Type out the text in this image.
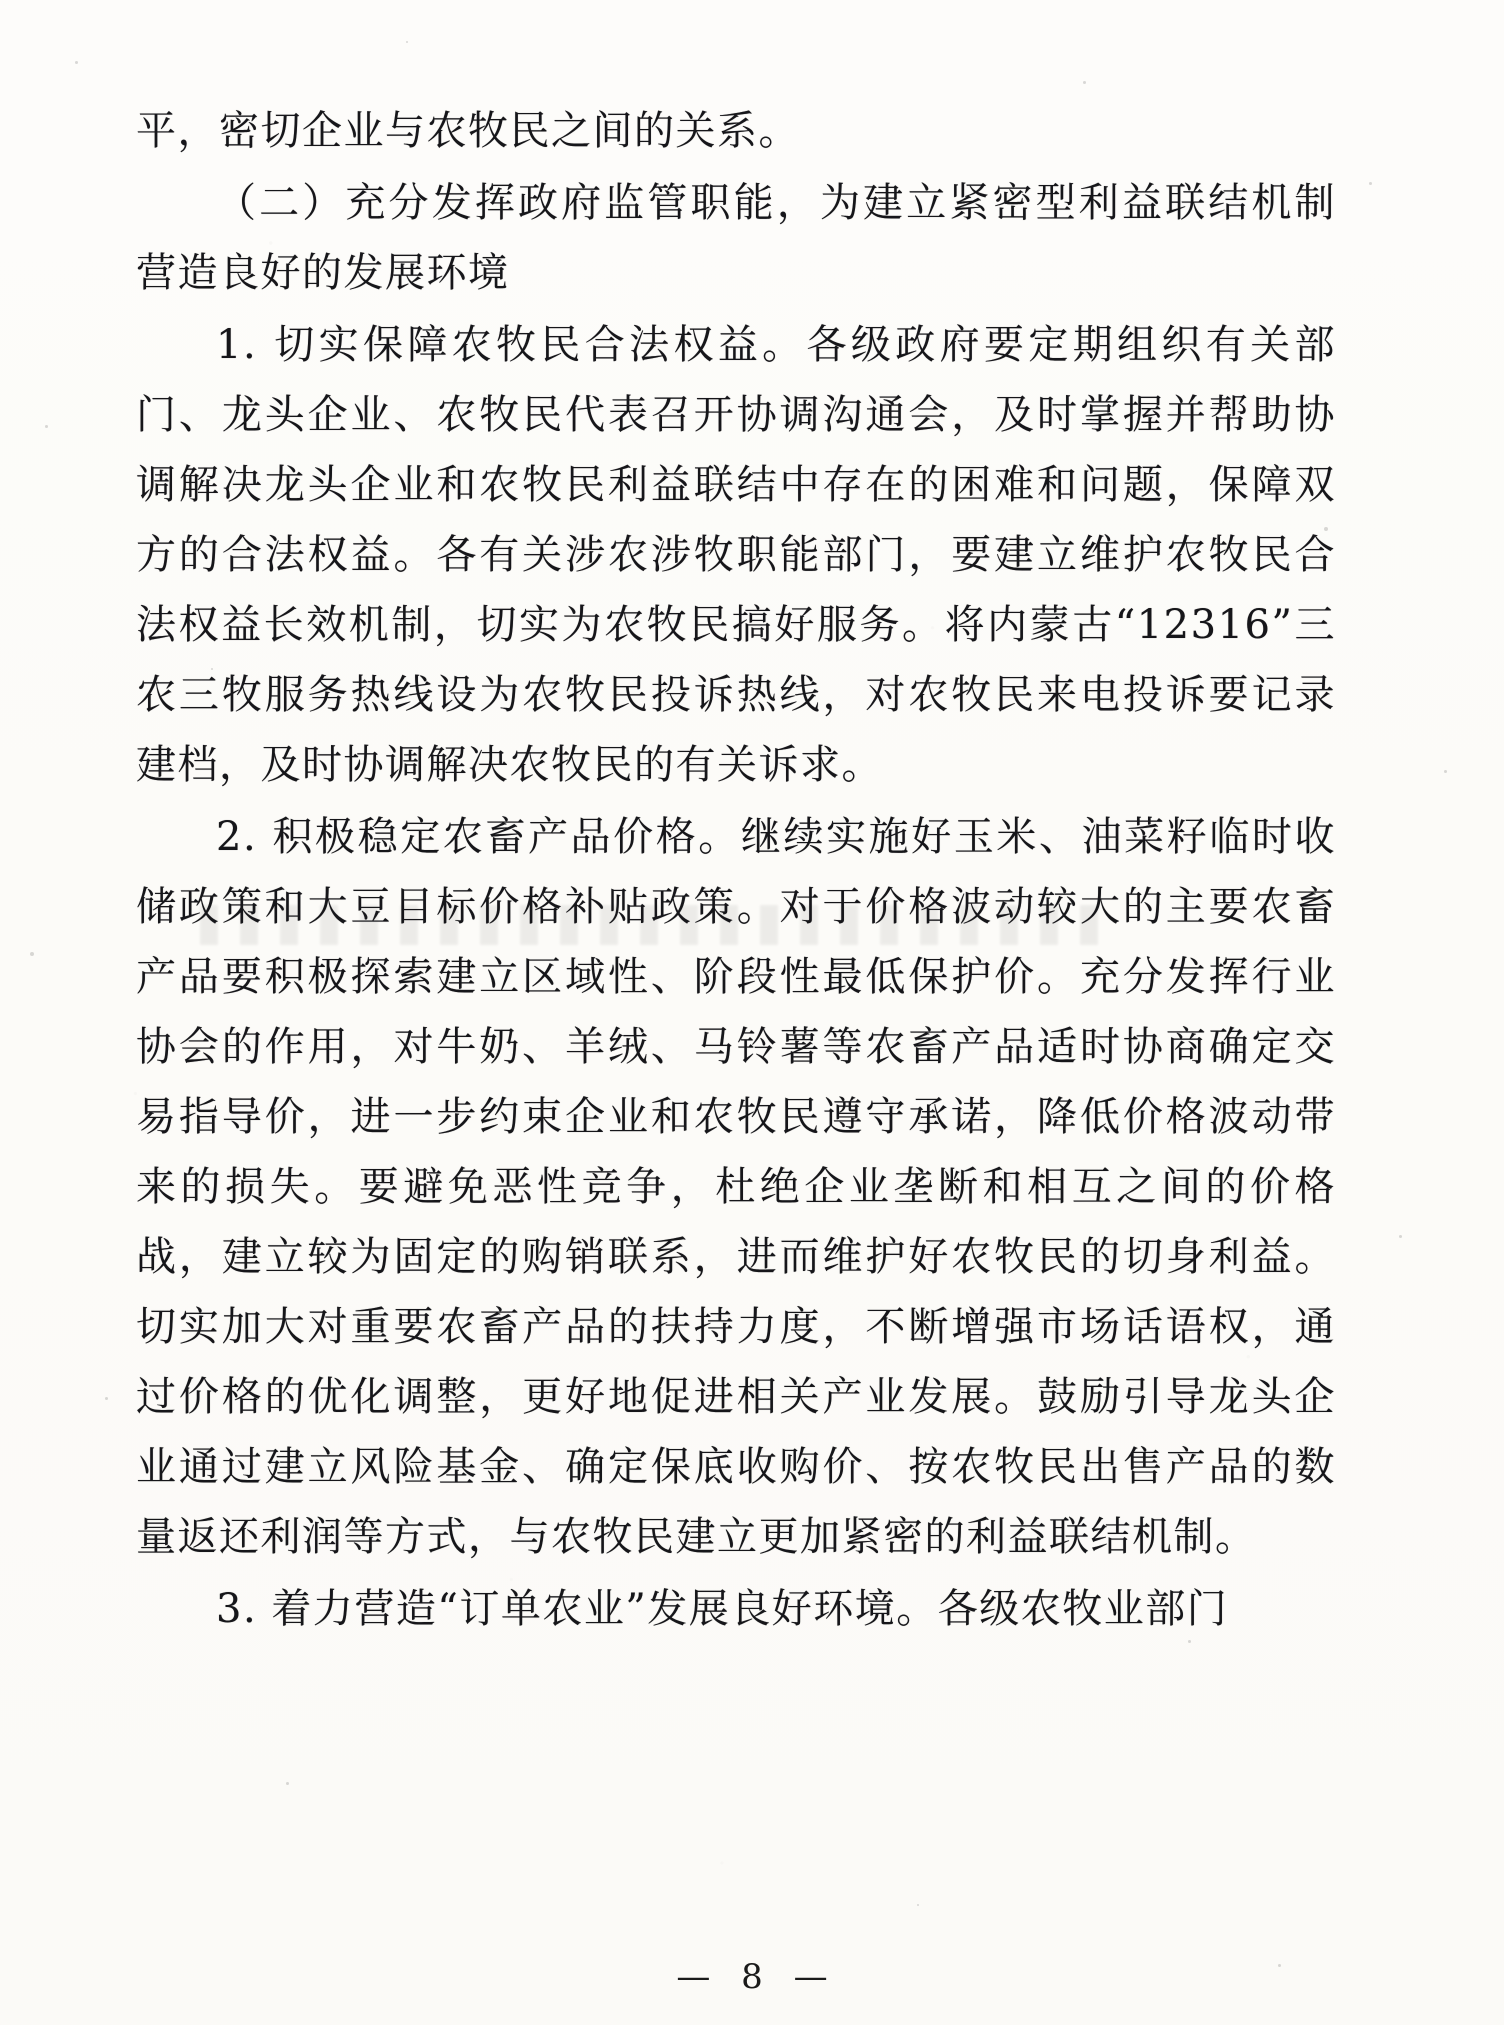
平，密切企业与农牧民之间的关系。

（二）充分发挥政府监管职能，为建立紧密型利益联结机制营造良好的发展环境

1. 切实保障农牧民合法权益。各级政府要定期组织有关部门、龙头企业、农牧民代表召开协调沟通会，及时掌握并帮助协调解决龙头企业和农牧民利益联结中存在的困难和问题，保障双方的合法权益。各有关涉农涉牧职能部门，要建立维护农牧民合法权益长效机制，切实为农牧民搞好服务。将内蒙古“12316”三农三牧服务热线设为农牧民投诉热线，对农牧民来电投诉要记录建档，及时协调解决农牧民的有关诉求。

2. 积极稳定农畜产品价格。继续实施好玉米、油菜籽临时收储政策和大豆目标价格补贴政策。对于价格波动较大的主要农畜产品要积极探索建立区域性、阶段性最低保护价。充分发挥行业协会的作用，对牛奶、羊绒、马铃薯等农畜产品适时协商确定交易指导价，进一步约束企业和农牧民遵守承诺，降低价格波动带来的损失。要避免恶性竞争，杜绝企业垄断和相互之间的价格战，建立较为固定的购销联系，进而维护好农牧民的切身利益。切实加大对重要农畜产品的扶持力度，不断增强市场话语权，通过价格的优化调整，更好地促进相关产业发展。鼓励引导龙头企业通过建立风险基金、确定保底收购价、按农牧民出售产品的数量返还利润等方式，与农牧民建立更加紧密的利益联结机制。

3. 着力营造“订单农业”发展良好环境。各级农牧业部门

— 8 —
